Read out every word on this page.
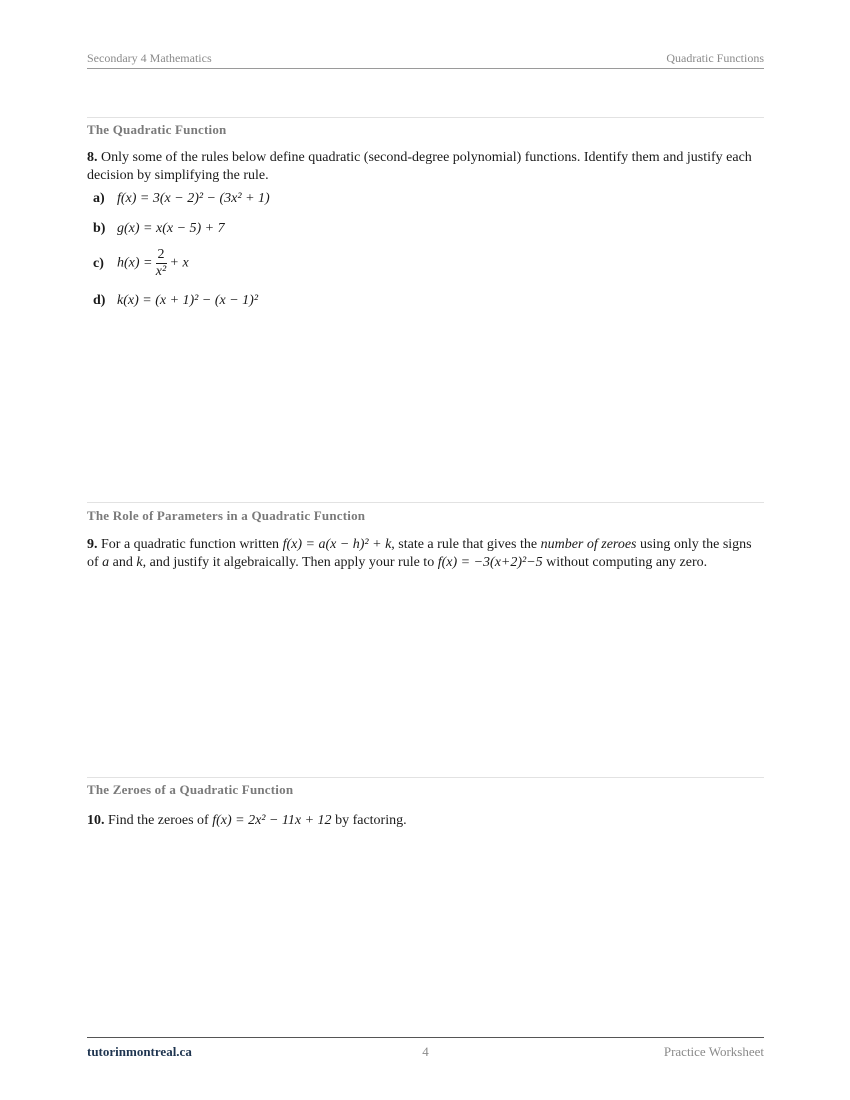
Secondary 4 Mathematics	Quadratic Functions
The Quadratic Function
8. Only some of the rules below define quadratic (second-degree polynomial) functions. Identify them and justify each decision by simplifying the rule.
a) f(x) = 3(x − 2)² − (3x² + 1)
b) g(x) = x(x − 5) + 7
c) $h(x) = \frac{2}{\text{x²}} + x$
d) k(x) = (x + 1)² − (x − 1)²
The Role of Parameters in a Quadratic Function
9. For a quadratic function written f(x) = a(x − h)² + k, state a rule that gives the number of zeroes using only the signs of a and k, and justify it algebraically. Then apply your rule to f(x) = −3(x+2)²−5 without computing any zero.
The Zeroes of a Quadratic Function
10. Find the zeroes of f(x) = 2x² − 11x + 12 by factoring.
tutorinmontreal.ca	4	Practice Worksheet
